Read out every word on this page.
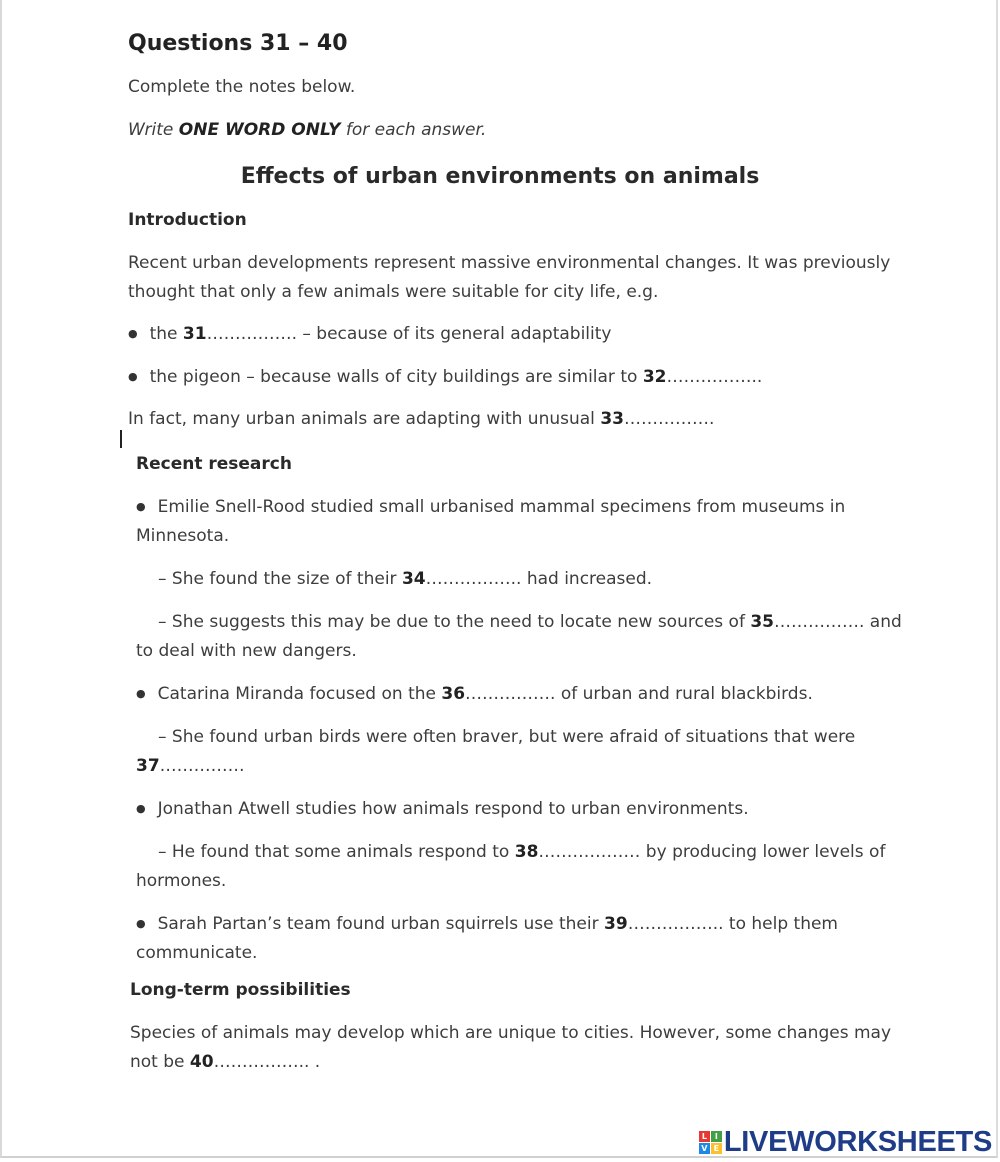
Questions 31 – 40
Complete the notes below.
Write ONE WORD ONLY for each answer.
Effects of urban environments on animals
Introduction
Recent urban developments represent massive environmental changes. It was previously
thought that only a few animals were suitable for city life, e.g.
● the 31……………. – because of its general adaptability
● the pigeon – because walls of city buildings are similar to 32……………..
In fact, many urban animals are adapting with unusual 33…………….
Recent research
● Emilie Snell-Rood studied small urbanised mammal specimens from museums in
Minnesota.
– She found the size of their 34…………….. had increased.
– She suggests this may be due to the need to locate new sources of 35……………. and
to deal with new dangers.
● Catarina Miranda focused on the 36……………. of urban and rural blackbirds.
– She found urban birds were often braver, but were afraid of situations that were
37……………
● Jonathan Atwell studies how animals respond to urban environments.
– He found that some animals respond to 38……………… by producing lower levels of
hormones.
● Sarah Partan’s team found urban squirrels use their 39…………….. to help them
communicate.
Long-term possibilities
Species of animals may develop which are unique to cities. However, some changes may
not be 40…………….. .
L I
V E LIVEWORKSHEETS
